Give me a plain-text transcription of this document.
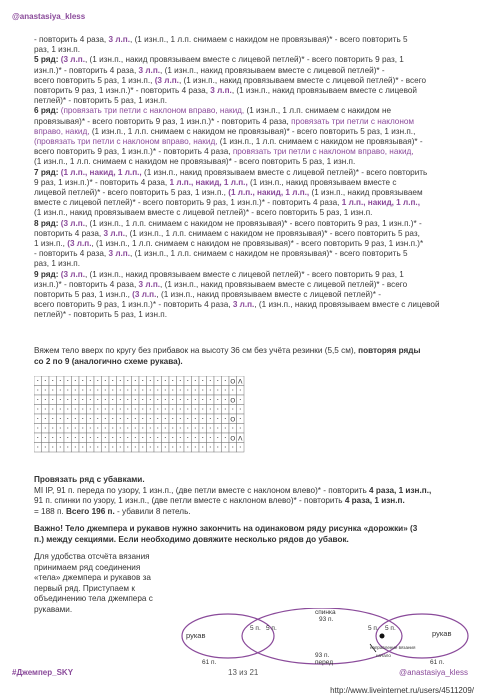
@anastasiya_kless
- повторить 4 раза, 3 л.п., (1 изн.п., 1 л.п. снимаем с накидом не провязывая)* - всего повторить 5
раз, 1 изн.п.
5 ряд: (3 л.п., (1 изн.п., накид провязываем вместе с лицевой петлей)* - всего повторить 9 раз, 1
изн.п.)* - повторить 4 раза, 3 л.п., (1 изн.п., накид провязываем вместе с лицевой петлей)* -
всего повторить 5 раз, 1 изн.п., (3 л.п., (1 изн.п., накид провязываем вместе с лицевой петлей)* - всего
повторить 9 раз, 1 изн.п.)* - повторить 4 раза, 3 л.п., (1 изн.п., накид провязываем вместе с лицевой
петлей)* - повторить 5 раз, 1 изн.п.
6 ряд: (провязать три петли с наклоном вправо, накид, (1 изн.п., 1 л.п. снимаем с накидом не
провязывая)* - всего повторить 9 раз, 1 изн.п.)* - повторить 4 раза, провязать три петли с наклоном
вправо, накид, (1 изн.п., 1 л.п. снимаем с накидом не провязывая)* - всего повторить 5 раз, 1 изн.п.,
(провязать три петли с наклоном вправо, накид, (1 изн.п., 1 л.п. снимаем с накидом не провязывая)* -
всего повторить 9 раз, 1 изн.п.)* - повторить 4 раза, провязать три петли с наклоном вправо, накид,
(1 изн.п., 1 л.п. снимаем с накидом не провязывая)* - всего повторить 5 раз, 1 изн.п.
7 ряд: (1 л.п., накид, 1 л.п., (1 изн.п., накид провязываем вместе с лицевой петлей)* - всего повторить
9 раз, 1 изн.п.)* - повторить 4 раза, 1 л.п., накид, 1 л.п., (1 изн.п., накид провязываем вместе с
лицевой петлей)* - всего повторить 5 раз, 1 изн.п., (1 л.п., накид, 1 л.п., (1 изн.п., накид провязываем
вместе с лицевой петлей)* - всего повторить 9 раз, 1 изн.п.)* - повторить 4 раза, 1 л.п., накид, 1 л.п.,
(1 изн.п., накид провязываем вместе с лицевой петлей)* - всего повторить 5 раз, 1 изн.п.
8 ряд: (3 л.п., (1 изн.п., 1 л.п. снимаем с накидом не провязывая)* - всего повторить 9 раз, 1 изн.п.)* -
повторить 4 раза, 3 л.п., (1 изн.п., 1 л.п. снимаем с накидом не провязывая)* - всего повторить 5 раз,
1 изн.п., (3 л.п., (1 изн.п., 1 л.п. снимаем с накидом не провязывая)* - всего повторить 9 раз, 1 изн.п.)*
- повторить 4 раза, 3 л.п., (1 изн.п., 1 л.п. снимаем с накидом не провязывая)* - всего повторить 5
раз, 1 изн.п.
9 ряд: (3 л.п., (1 изн.п., накид провязываем вместе с лицевой петлей)* - всего повторить 9 раз, 1
изн.п.)* - повторить 4 раза, 3 л.п., (1 изн.п., накид провязываем вместе с лицевой петлей)* - всего
повторить 5 раз, 1 изн.п., (3 л.п., (1 изн.п., накид провязываем вместе с лицевой петлей)* -
всего повторить 9 раз, 1 изн.п.)* - повторить 4 раза, 3 л.п., (1 изн.п., накид провязываем вместе с лицевой
петлей)* - повторить 5 раз, 1 изн.п.
Вяжем тело вверх по кругу без прибавок на высоту 36 см без учёта резинки (5,5 см), повторяя ряды
со 2 по 9 (аналогично схеме рукава).
· · · · · · · · · · · · · · · · · · · · · · · · · · O Λ
· · · · · · · · · · · · · · · · · · · · · · · · · · · ·
· · · · · · · · · · · · · · · · · · · · · · · · · · O ·
· · · · · · · · · · · · · · · · · · · · · · · · · · · ·
· · · · · · · · · · · · · · · · · · · · · · · · · · O ·
· · · · · · · · · · · · · · · · · · · · · · · · · · · ·
· · · · · · · · · · · · · · · · · · · · · · · · · · O Λ
· · · · · · · · · · · · · · · · · · · · · · · · · · · ·
Провязать ряд с убавками.
MI IP, 91 п. перeда по узору, 1 изн.п., (две петли вместе с наклоном влево)* - повторить 4 раза, 1 изн.п.,
91 п. спинки по узору, 1 изн.п., (две петли вместе с наклоном влево)* - повторить 4 раза, 1 изн.п.
= 188 п. Всего 196 п. - убавили 8 петель.
Важно! Тело джемпера и рукавов нужно закончить на одинаковом ряду рисунка «дорожки» (3
п.) между секциями. Если необходимо довяжите несколько рядов до убавок.
Для удобства отсчёта вязания
принимаем ряд соединения
«тела» джемпера и рукавов за
первый ряд. Приступаем к
объединению тела джемпера с
рукавами.
рукав	рукав
спинка
93 п.
93 п.
перед
61 п.	61 п.
5 п. 5 п.	5 п. 5 п.
направление вязания
начало
#Джемпер_SKY	13 из 21	@anastasiya_kless
http://www.liveinternet.ru/users/4511209/
